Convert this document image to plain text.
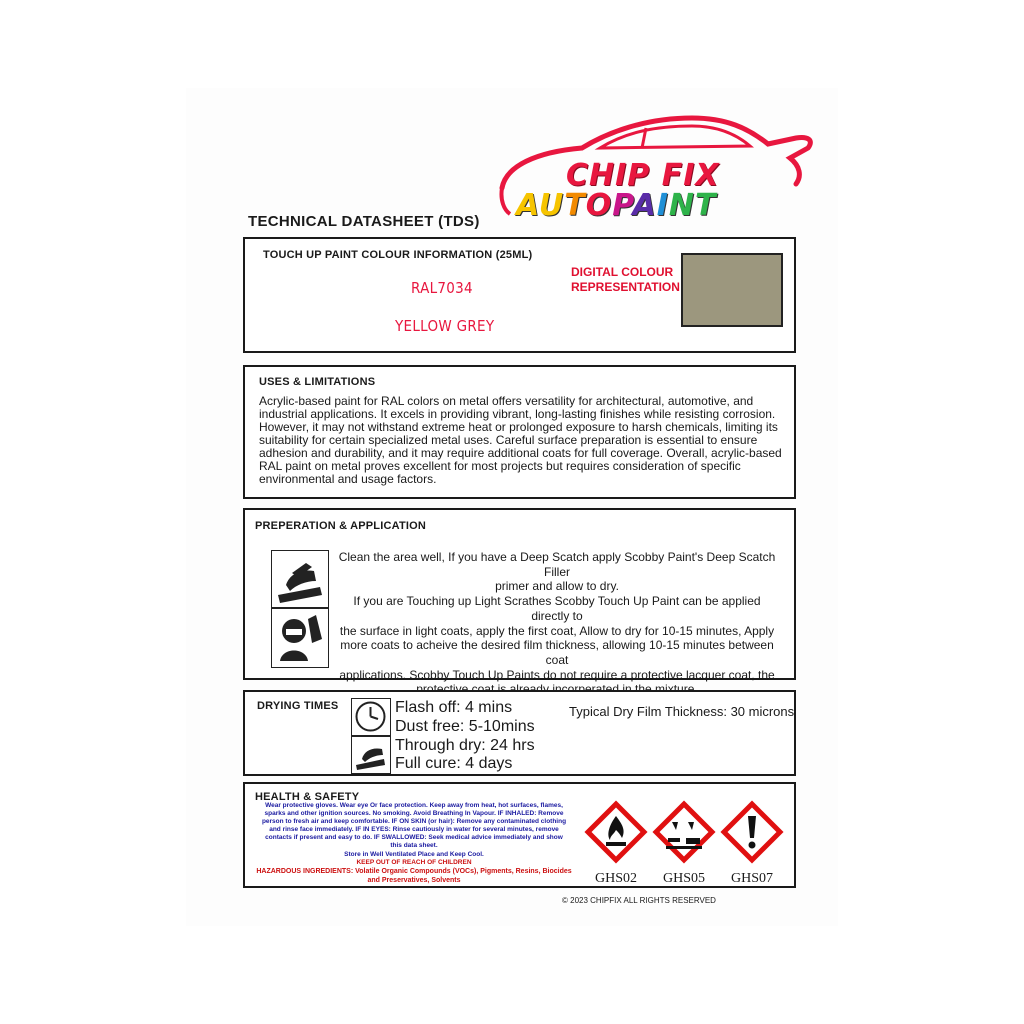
CHIP FIX
AUTOPAINT
TECHNICAL DATASHEET (TDS)
TOUCH UP PAINT COLOUR INFORMATION (25ML)
RAL7034
YELLOW GREY
DIGITAL COLOUR REPRESENTATION
USES & LIMITATIONS
Acrylic-based paint for RAL colors on metal offers versatility for architectural, automotive, and
industrial applications. It excels in providing vibrant, long-lasting finishes while resisting corrosion.
However, it may not withstand extreme heat or prolonged exposure to harsh chemicals, limiting its
suitability for certain specialized metal uses. Careful surface preparation is essential to ensure
adhesion and durability, and it may require additional coats for full coverage. Overall, acrylic-based
RAL paint on metal proves excellent for most projects but requires consideration of specific
environmental and usage factors.
PREPERATION & APPLICATION
Clean the area well, If you have a Deep Scatch apply Scobby Paint's Deep Scatch Filler
primer and allow to dry.
If you are Touching up Light Scrathes Scobby Touch Up Paint can be applied directly to
the surface in light coats, apply the first coat, Allow to dry for 10-15 minutes, Apply
more coats to acheive the desired film thickness, allowing 10-15 minutes between coat
applications. Scobby Touch Up Paints do not require a protective lacquer coat, the
DRYING TIMES	Flash off: 4 mins
Dust free: 5-10mins
Through dry: 24 hrs
Full cure: 4 days
Typical Dry Film Thickness: 30 microns
HEALTH & SAFETY
Wear protective gloves. Wear eye Or face protection. Keep away from heat, hot surfaces, flames,
sparks and other ignition sources. No smoking. Avoid Breathing In Vapour. IF INHALED: Remove
person to fresh air and keep comfortable. IF ON SKIN (or hair): Remove any contaminated clothing
and rinse face immediately. IF IN EYES: Rinse cautiously in water for several minutes, remove
contacts if present and easy to do. IF SWALLOWED: Seek medical advice immediately and show
this data sheet.
Store in Well Ventilated Place and Keep Cool.
KEEP OUT OF REACH OF CHILDREN
HAZARDOUS INGREDIENTS: Volatile Organic Compounds (VOCs), Pigments, Resins, Biocides and Preservatives, Solvents	GHS02	GHS05	GHS07
© 2023 CHIPFIX ALL RIGHTS RESERVED
